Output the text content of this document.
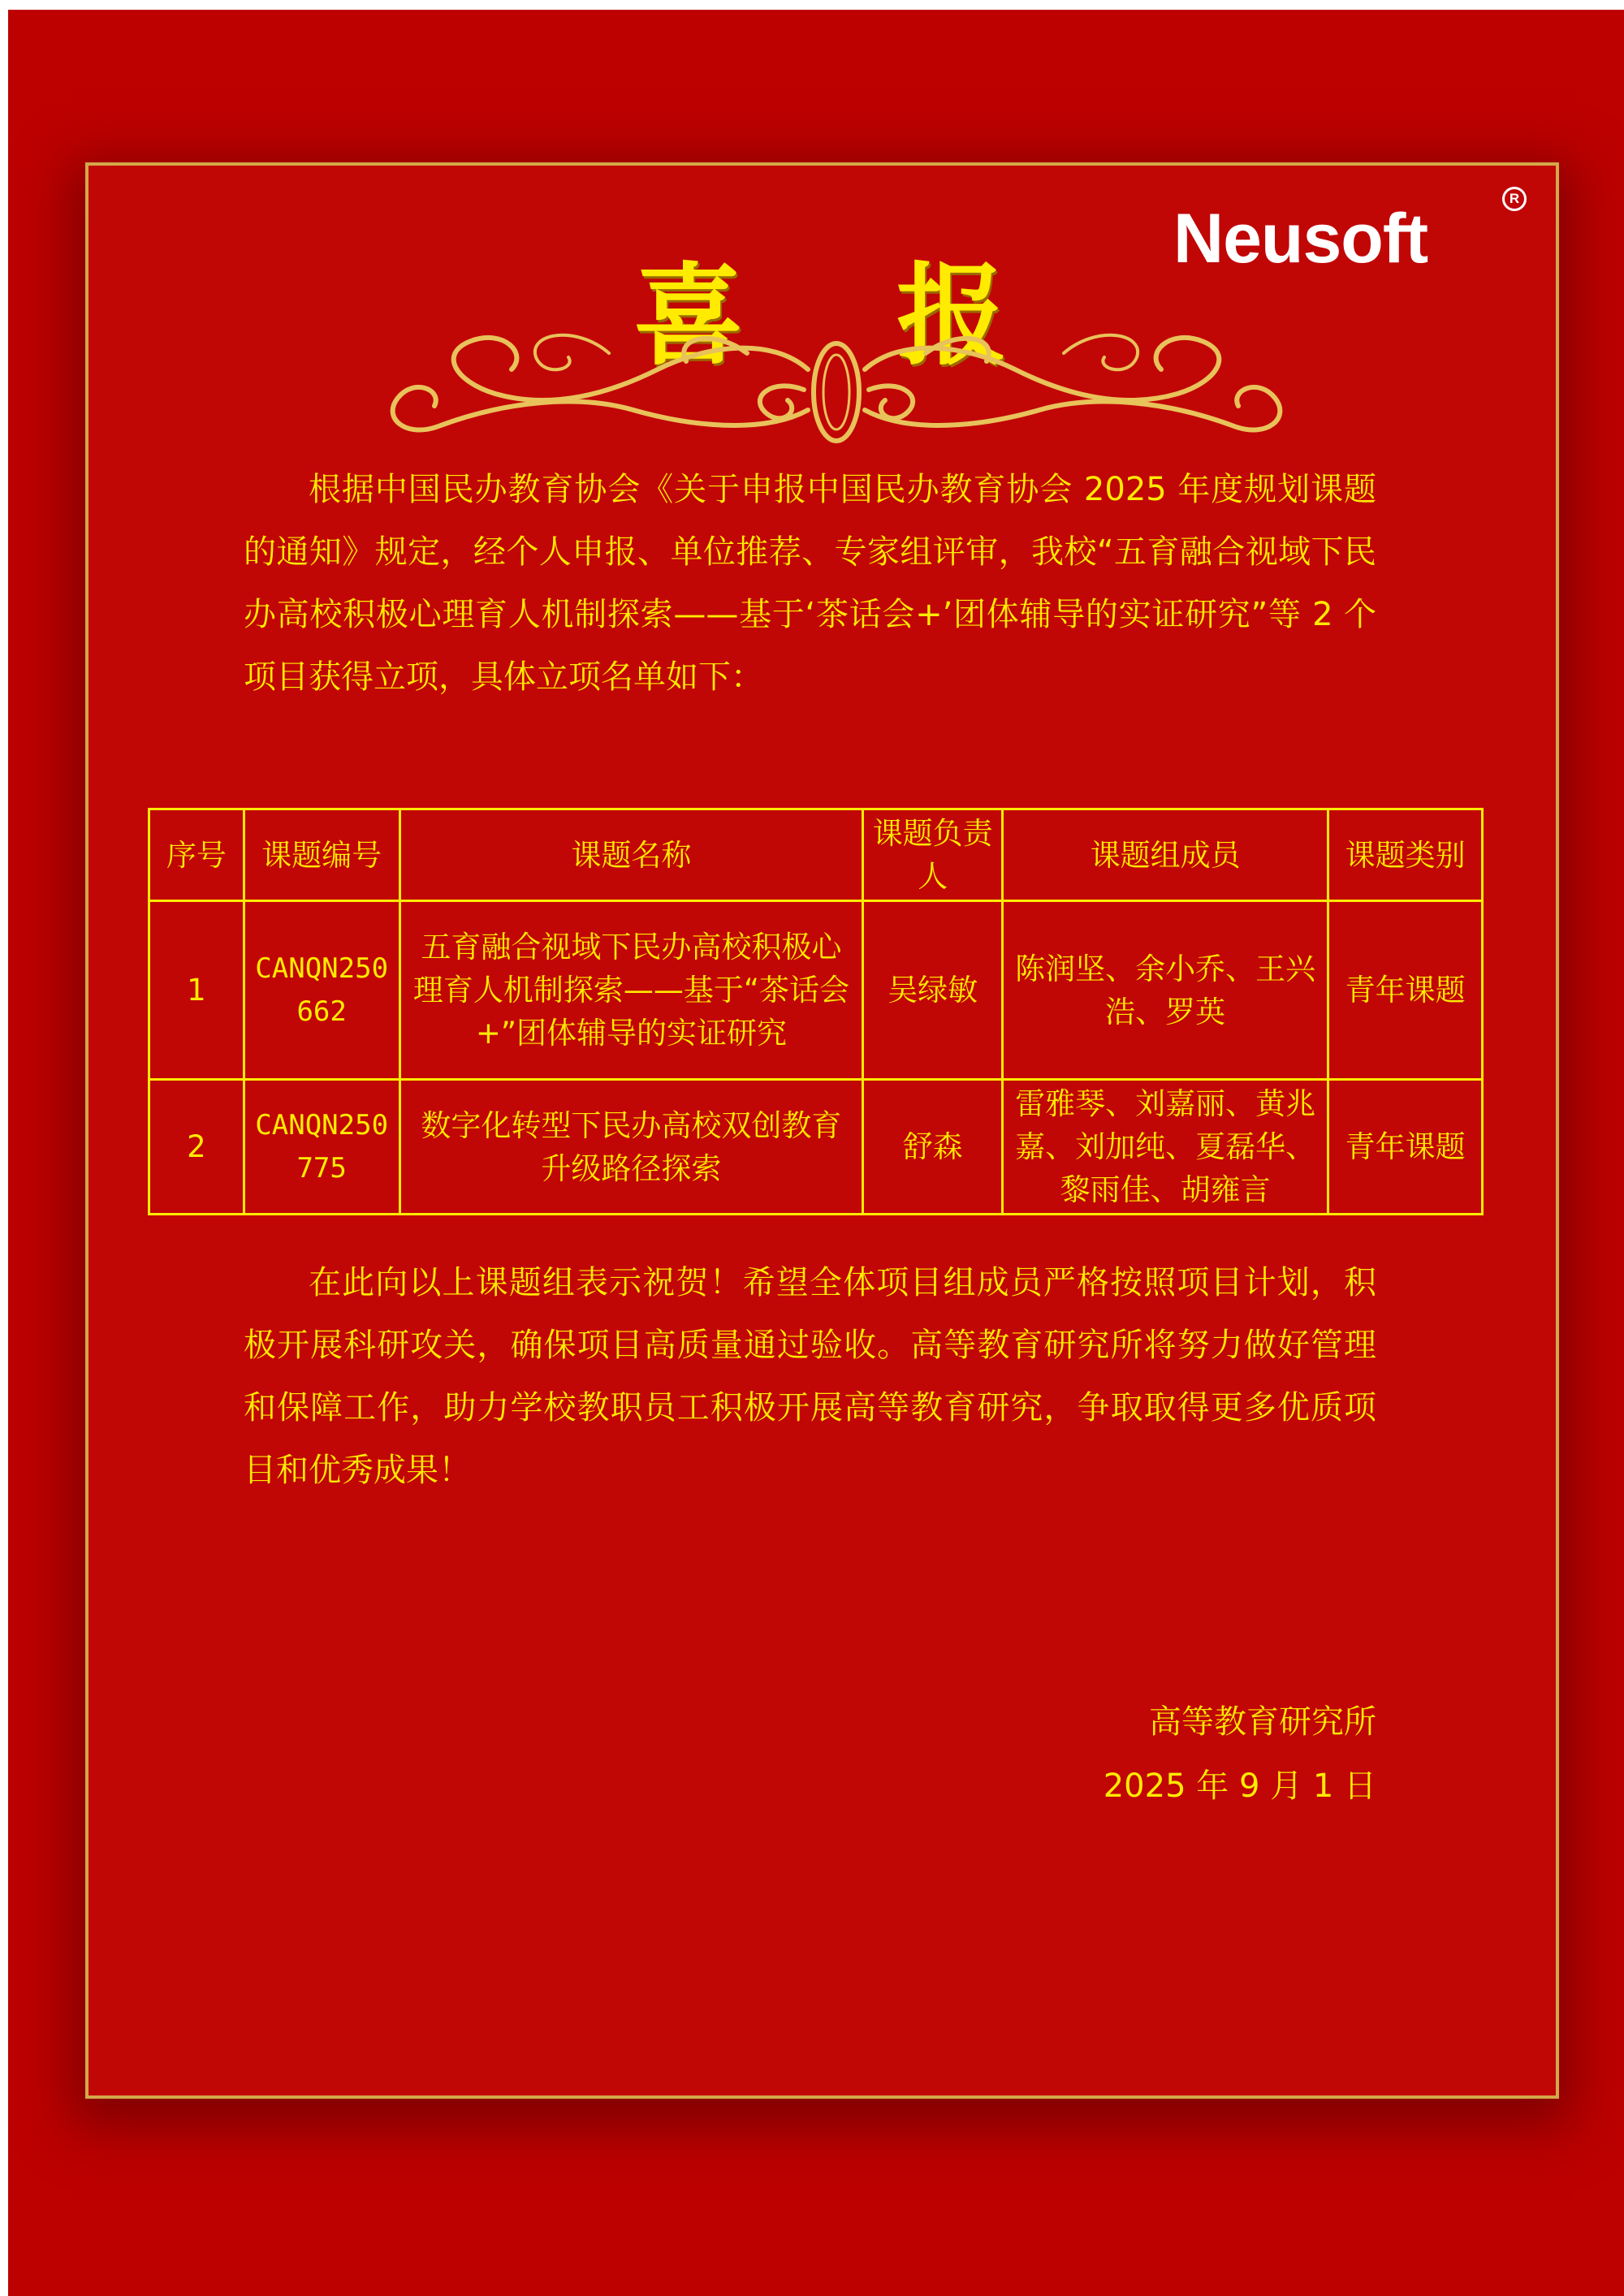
Neusoft
R
喜 报

根据中国民办教育协会《关于申报中国民办教育协会 2025 年度规划课题的通知》规定，经个人申报、单位推荐、专家组评审，我校“五育融合视域下民办高校积极心理育人机制探索——基于‘茶话会+’团体辅导的实证研究”等 2 个项目获得立项，具体立项名单如下：

序号	课题编号	课题名称	课题负责人	课题组成员	课题类别
1	CANQN250662	五育融合视域下民办高校积极心理育人机制探索——基于“茶话会+”团体辅导的实证研究	吴绿敏	陈润坚、余小乔、王兴浩、罗英	青年课题
2	CANQN250775	数字化转型下民办高校双创教育升级路径探索	舒森	雷雅琴、刘嘉丽、黄兆嘉、刘加纯、夏磊华、黎雨佳、胡雍言	青年课题

在此向以上课题组表示祝贺！希望全体项目组成员严格按照项目计划，积极开展科研攻关，确保项目高质量通过验收。高等教育研究所将努力做好管理和保障工作，助力学校教职员工积极开展高等教育研究，争取取得更多优质项目和优秀成果！

高等教育研究所
2025 年 9 月 1 日
